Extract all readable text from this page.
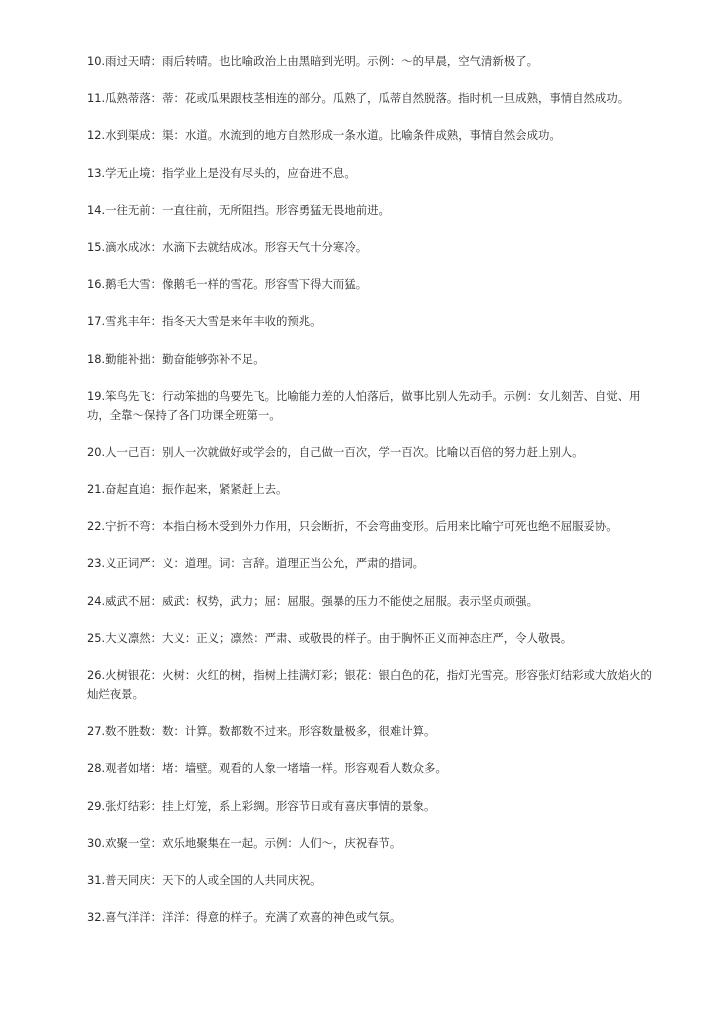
10.雨过天晴：雨后转晴。也比喻政治上由黑暗到光明。示例：～的早晨，空气清新极了。

11.瓜熟蒂落：蒂：花或瓜果跟枝茎相连的部分。瓜熟了，瓜蒂自然脱落。指时机一旦成熟，事情自然成功。

12.水到渠成：渠：水道。水流到的地方自然形成一条水道。比喻条件成熟，事情自然会成功。

13.学无止境：指学业上是没有尽头的，应奋进不息。

14.一往无前：一直往前，无所阻挡。形容勇猛无畏地前进。

15.滴水成冰：水滴下去就结成冰。形容天气十分寒冷。

16.鹅毛大雪：像鹅毛一样的雪花。形容雪下得大而猛。

17.雪兆丰年：指冬天大雪是来年丰收的预兆。

18.勤能补拙：勤奋能够弥补不足。

19.笨鸟先飞：行动笨拙的鸟要先飞。比喻能力差的人怕落后，做事比别人先动手。示例：女儿刻苦、自觉、用功，全靠～保持了各门功课全班第一。

20.人一己百：别人一次就做好或学会的，自己做一百次，学一百次。比喻以百倍的努力赶上别人。

21.奋起直追：振作起来，紧紧赶上去。

22.宁折不弯：本指白杨木受到外力作用，只会断折，不会弯曲变形。后用来比喻宁可死也绝不屈服妥协。

23.义正词严：义：道理。词：言辞。道理正当公允，严肃的措词。

24.威武不屈：威武：权势，武力；屈：屈服。强暴的压力不能使之屈服。表示坚贞顽强。

25.大义凛然：大义：正义；凛然：严肃、或敬畏的样子。由于胸怀正义而神态庄严，令人敬畏。

26.火树银花：火树：火红的树，指树上挂满灯彩；银花：银白色的花，指灯光雪亮。形容张灯结彩或大放焰火的灿烂夜景。

27.数不胜数：数：计算。数都数不过来。形容数量极多，很难计算。

28.观者如堵：堵：墙壁。观看的人象一堵墙一样。形容观看人数众多。

29.张灯结彩：挂上灯笼，系上彩绸。形容节日或有喜庆事情的景象。

30.欢聚一堂：欢乐地聚集在一起。示例：人们～，庆祝春节。

31.普天同庆：天下的人或全国的人共同庆祝。

32.喜气洋洋：洋洋：得意的样子。充满了欢喜的神色或气氛。
